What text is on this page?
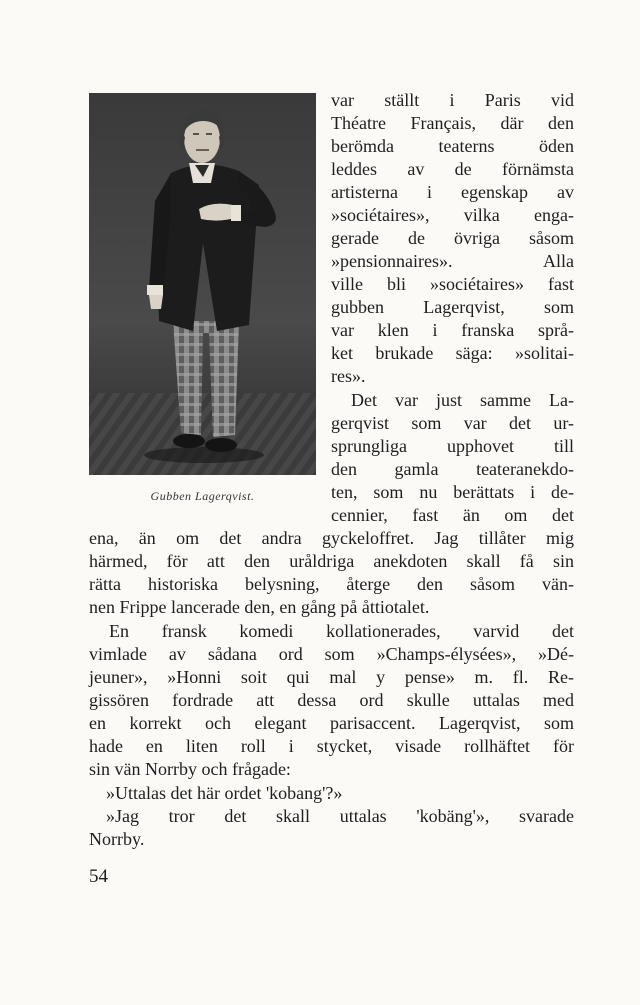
Gubben Lagerqvist.
var ställt i Paris vid
Théatre Français, där den
berömda teaterns öden
leddes av de förnämsta
artisterna i egenskap av
»sociétaires», vilka enga-
gerade de övriga såsom
»pensionnaires». Alla
ville bli »sociétaires» fast
gubben Lagerqvist, som
var klen i franska språ-
ket brukade säga: »solitai-
res».
Det var just samme La-
gerqvist som var det ur-
sprungliga upphovet till
den gamla teateranekdo-
ten, som nu berättats i de-
cennier, fast än om det
ena, än om det andra gyckeloffret. Jag tillåter mig
härmed, för att den uråldriga anekdoten skall få sin
rätta historiska belysning, återge den såsom vän-
nen Frippe lancerade den, en gång på åttiotalet.
En fransk komedi kollationerades, varvid det
vimlade av sådana ord som »Champs-élysées», »Dé-
jeuner», »Honni soit qui mal y pense» m. fl. Re-
gissören fordrade att dessa ord skulle uttalas med
en korrekt och elegant parisaccent. Lagerqvist, som
hade en liten roll i stycket, visade rollhäftet för
sin vän Norrby och frågade:
»Uttalas det här ordet 'kobang'?»
»Jag tror det skall uttalas 'kobäng'», svarade
Norrby.
54
